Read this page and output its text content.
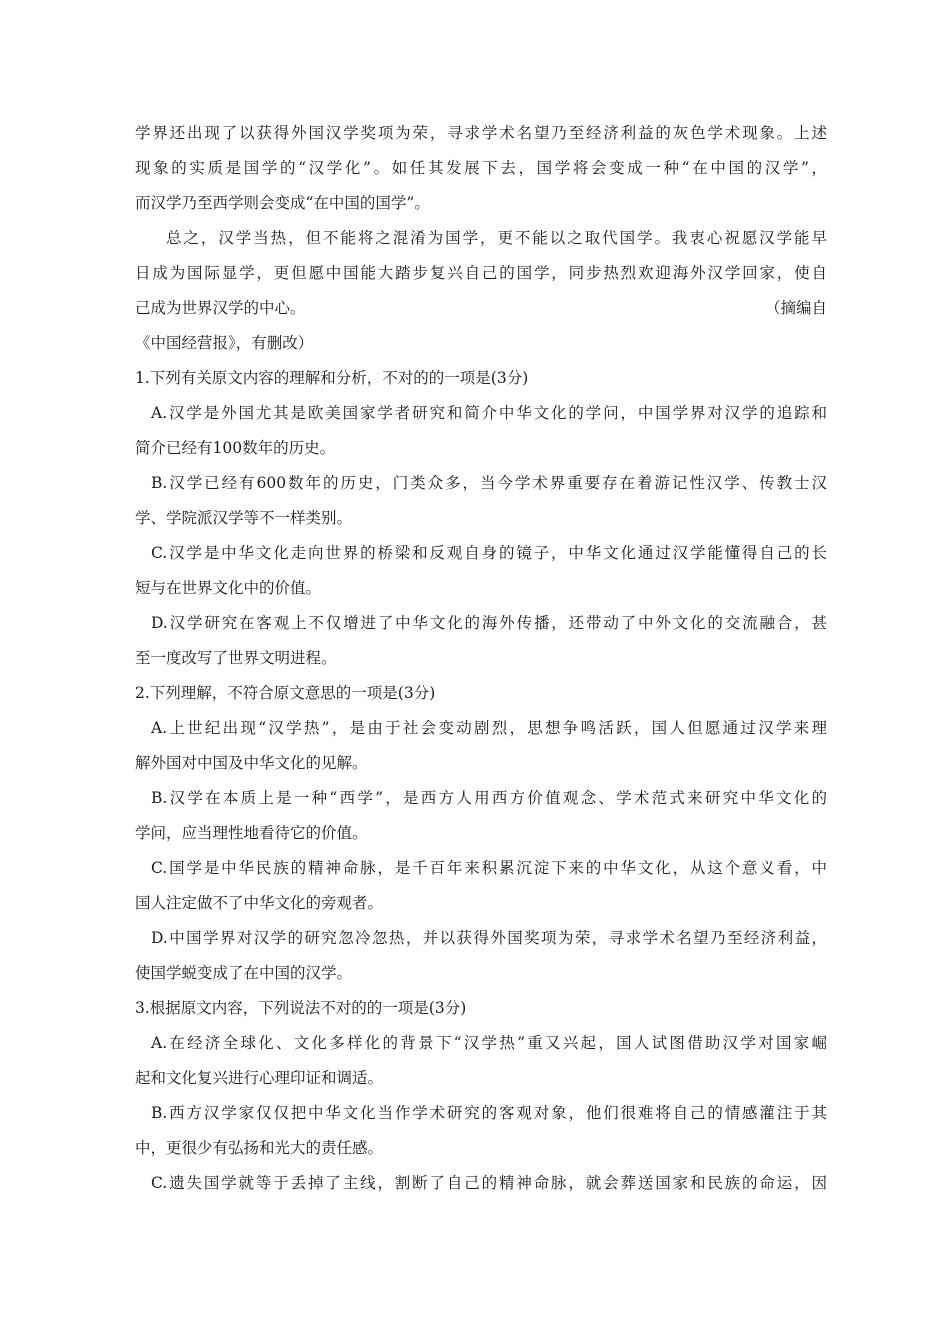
学界还出现了以获得外国汉学奖项为荣，寻求学术名望乃至经济利益的灰色学术现象。上述
现象的实质是国学的“汉学化”。如任其发展下去，国学将会变成一种“在中国的汉学”，
而汉学乃至西学则会变成“在中国的国学”。
总之，汉学当热，但不能将之混淆为国学，更不能以之取代国学。我衷心祝愿汉学能早
日成为国际显学，更但愿中国能大踏步复兴自己的国学，同步热烈欢迎海外汉学回家，使自
己成为世界汉学的中心。	（摘编自
《中国经营报》，有删改）
1.下列有关原文内容的理解和分析，不对的的一项是(3分)
A.汉学是外国尤其是欧美国家学者研究和简介中华文化的学问，中国学界对汉学的追踪和
简介已经有100数年的历史。
B.汉学已经有600数年的历史，门类众多，当今学术界重要存在着游记性汉学、传教士汉
学、学院派汉学等不一样类别。
C.汉学是中华文化走向世界的桥梁和反观自身的镜子，中华文化通过汉学能懂得自己的长
短与在世界文化中的价值。
D.汉学研究在客观上不仅增进了中华文化的海外传播，还带动了中外文化的交流融合，甚
至一度改写了世界文明进程。
2.下列理解，不符合原文意思的一项是(3分)
A.上世纪出现“汉学热”，是由于社会变动剧烈，思想争鸣活跃，国人但愿通过汉学来理
解外国对中国及中华文化的见解。
B.汉学在本质上是一种“西学”，是西方人用西方价值观念、学术范式来研究中华文化的
学问，应当理性地看待它的价值。
C.国学是中华民族的精神命脉，是千百年来积累沉淀下来的中华文化，从这个意义看，中
国人注定做不了中华文化的旁观者。
D.中国学界对汉学的研究忽冷忽热，并以获得外国奖项为荣，寻求学术名望乃至经济利益，
使国学蜕变成了在中国的汉学。
3.根据原文内容，下列说法不对的的一项是(3分)
A.在经济全球化、文化多样化的背景下“汉学热”重又兴起，国人试图借助汉学对国家崛
起和文化复兴进行心理印证和调适。
B.西方汉学家仅仅把中华文化当作学术研究的客观对象，他们很难将自己的情感灌注于其
中，更很少有弘扬和光大的责任感。
C.遗失国学就等于丢掉了主线，割断了自己的精神命脉，就会葬送国家和民族的命运，因
